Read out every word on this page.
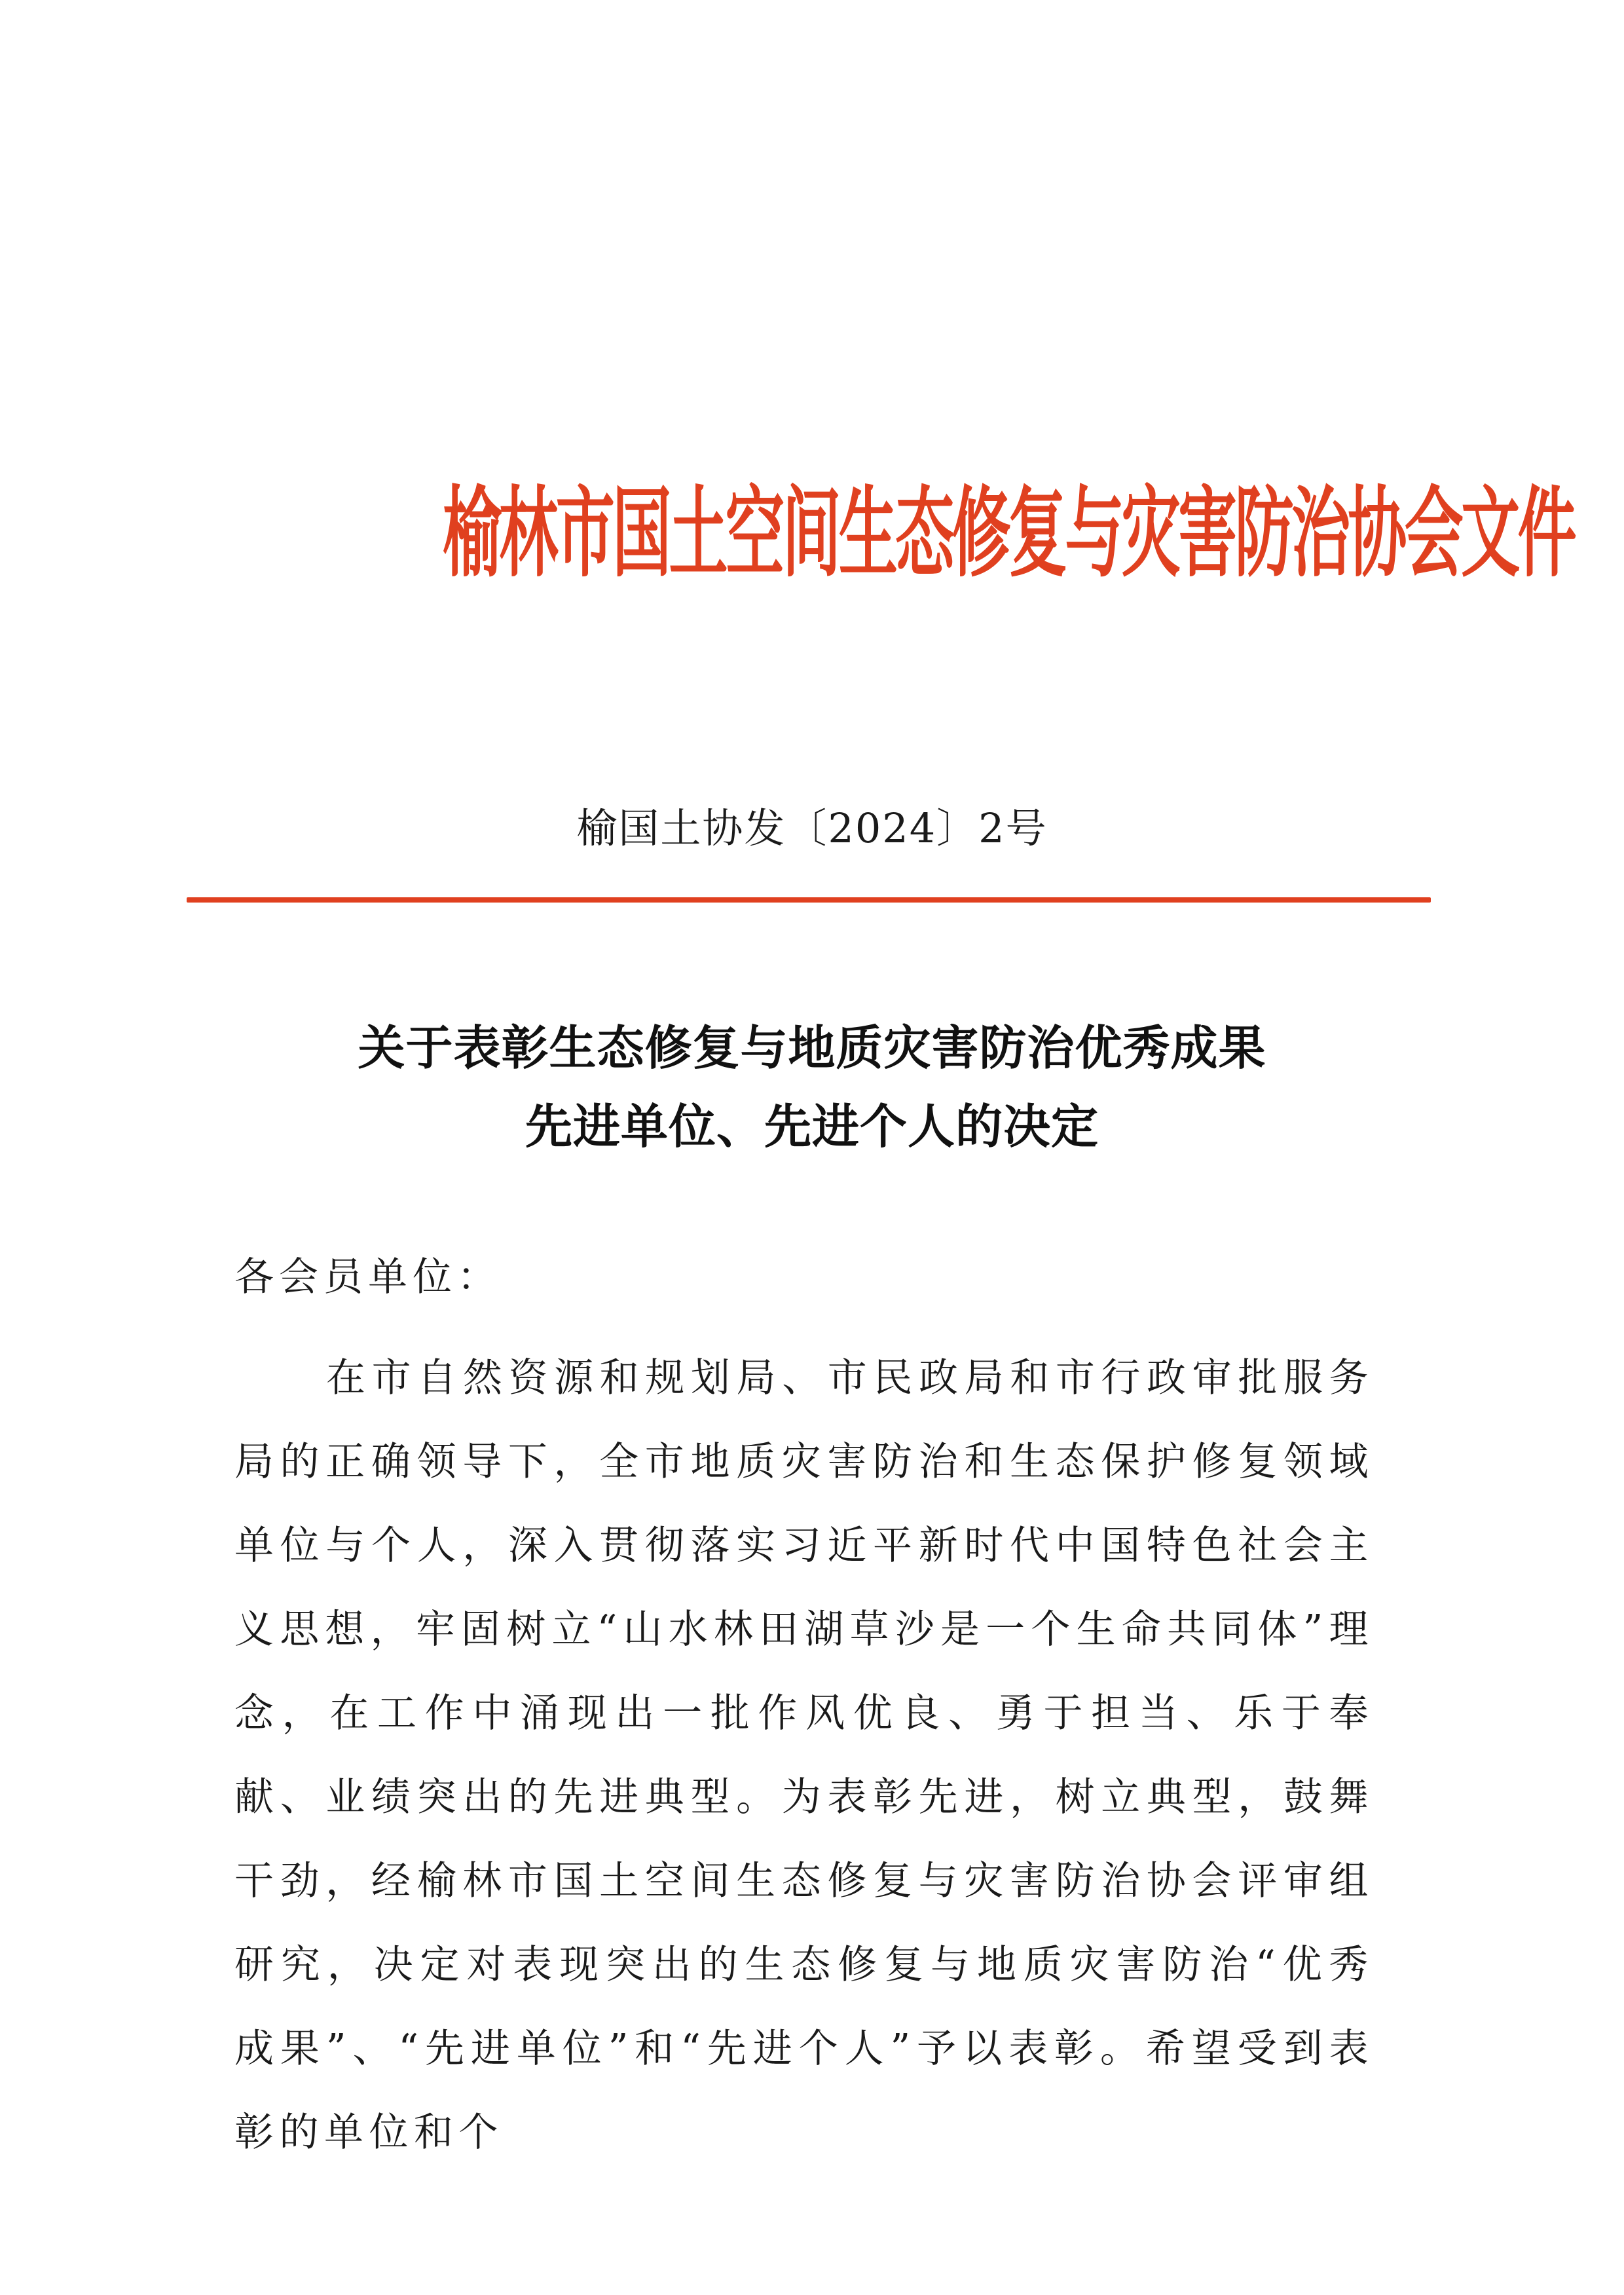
榆林市国土空间生态修复与灾害防治协会文件
榆国土协发〔2024〕2号
关于表彰生态修复与地质灾害防治优秀成果
先进单位、先进个人的决定
各会员单位：
在市自然资源和规划局、市民政局和市行政审批服务局的正确领导下，全市地质灾害防治和生态保护修复领域单位与个人，深入贯彻落实习近平新时代中国特色社会主义思想，牢固树立“山水林田湖草沙是一个生命共同体”理念，在工作中涌现出一批作风优良、勇于担当、乐于奉献、业绩突出的先进典型。为表彰先进，树立典型，鼓舞干劲，经榆林市国土空间生态修复与灾害防治协会评审组研究，决定对表现突出的生态修复与地质灾害防治“优秀成果”、“先进单位”和“先进个人”予以表彰。希望受到表彰的单位和个
